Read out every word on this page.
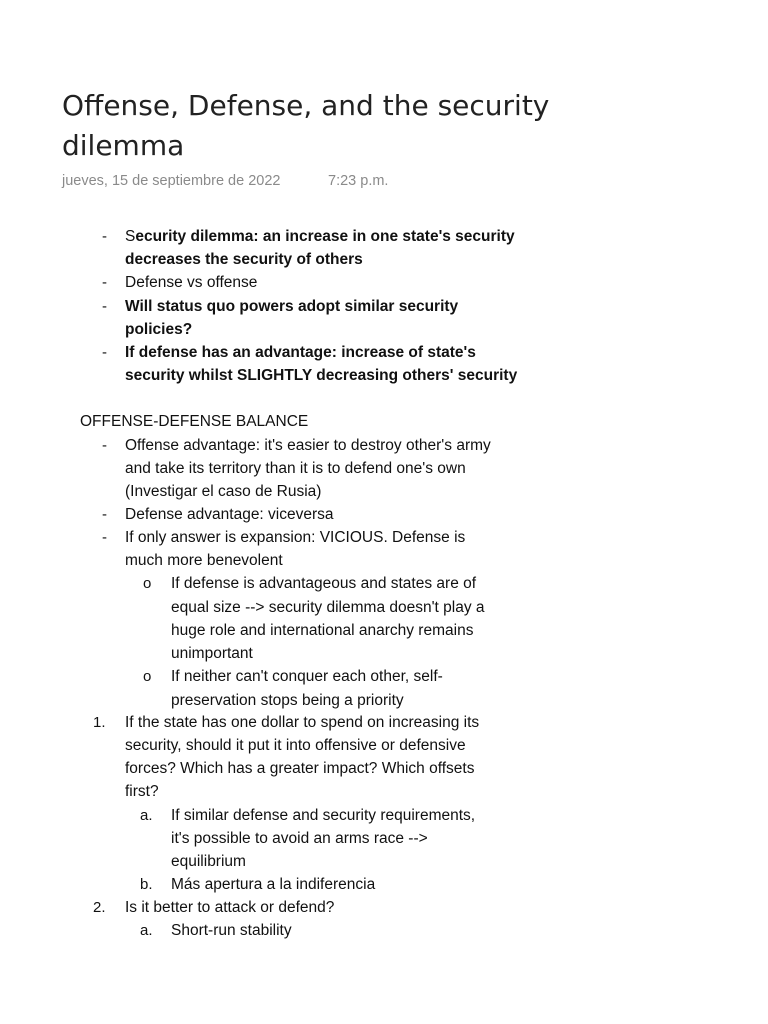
Offense, Defense, and the security
dilemma
jueves, 15 de septiembre de 2022	7:23 p.m.
- Security dilemma: an increase in one state's security
decreases the security of others
- Defense vs offense
- Will status quo powers adopt similar security
policies?
- If defense has an advantage: increase of state's
security whilst SLIGHTLY decreasing others' security
OFFENSE-DEFENSE BALANCE
- Offense advantage: it's easier to destroy other's army
and take its territory than it is to defend one's own
(Investigar el caso de Rusia)
- Defense advantage: viceversa
- If only answer is expansion: VICIOUS. Defense is
much more benevolent
o If defense is advantageous and states are of
equal size --> security dilemma doesn't play a
huge role and international anarchy remains
unimportant
o If neither can't conquer each other, self-
preservation stops being a priority
1. If the state has one dollar to spend on increasing its
security, should it put it into offensive or defensive
forces? Which has a greater impact? Which offsets
first?
a. If similar defense and security requirements,
it's possible to avoid an arms race -->
equilibrium
b. Más apertura a la indiferencia
2. Is it better to attack or defend?
a. Short-run stability
